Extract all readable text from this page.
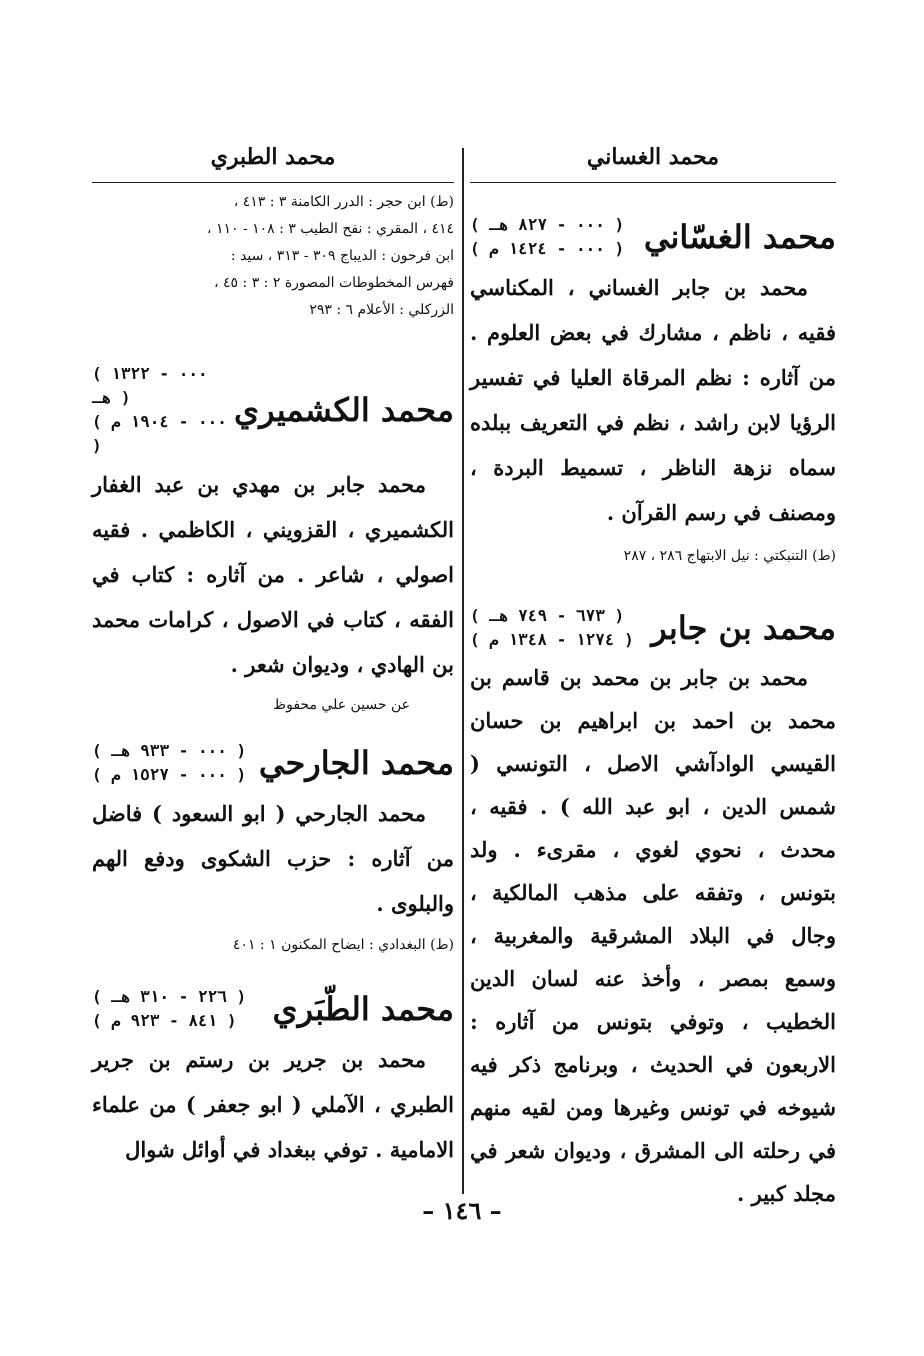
محمد الغساني
محمد الغسّاني
( ٠٠٠ - ٨٢٧ هـ )
( ٠٠٠ - ١٤٢٤ م )

محمد بن جابر الغساني ، المكناسي فقيه ، ناظم ، مشارك في بعض العلوم . من آثاره : نظم المرقاة العليا في تفسير الرؤيا لابن راشد ، نظم في التعريف ببلده سماه نزهة الناظر ، تسميط البردة ، ومصنف في رسم القرآن .

(ط) التنبكتي : نيل الابتهاج ٢٨٦ ، ٢٨٧

محمد بن جابر
( ٦٧٣ - ٧٤٩ هـ )
( ١٢٧٤ - ١٣٤٨ م )

محمد بن جابر بن محمد بن قاسم بن محمد بن احمد بن ابراهيم بن حسان القيسي الوادآشي الاصل ، التونسي ( شمس الدين ، ابو عبد الله ) . فقيه ، محدث ، نحوي لغوي ، مقرىء . ولد بتونس ، وتفقه على مذهب المالكية ، وجال في البلاد المشرقية والمغربية ، وسمع بمصر ، وأخذ عنه لسان الدين الخطيب ، وتوفي بتونس من آثاره : الاربعون في الحديث ، وبرنامج ذكر فيه شيوخه في تونس وغيرها ومن لقيه منهم في رحلته الى المشرق ، وديوان شعر في مجلد كبير .

محمد الطبري

(ط) ابن حجر : الدرر الكامنة ٣ : ٤١٣ ،

٤١٤ ، المقري : نفح الطيب ٣ : ١٠٨ - ١١٠ ،

ابن فرحون : الديباج ٣٠٩ - ٣١٣ ، سيد :

فهرس المخطوطات المصورة ٢ : ٣ : ٤٥ ،

الزركلي : الأعلام ٦ : ٢٩٣

محمد الكشميري
( ٠٠٠ - ١٣٢٢ هـ )
( ٠٠٠ - ١٩٠٤ م )

محمد جابر بن مهدي بن عبد الغفار الكشميري ، القزويني ، الكاظمي . فقيه اصولي ، شاعر . من آثاره : كتاب في الفقه ، كتاب في الاصول ، كرامات محمد بن الهادي ، وديوان شعر .

عن حسين علي محفوظ

محمد الجارحي
( ٠٠٠ - ٩٣٣ هـ )
( ٠٠٠ - ١٥٢٧ م )

محمد الجارحي ( ابو السعود ) فاضل من آثاره : حزب الشكوى ودفع الهم والبلوى .

(ط) البغدادي : ايضاح المكنون ١ : ٤٠١

محمد الطّبَري
( ٢٢٦ - ٣١٠ هـ )
( ٨٤١ - ٩٢٣ م )

محمد بن جرير بن رستم بن جرير الطبري ، الآملي ( ابو جعفر ) من علماء الامامية . توفي ببغداد في أوائل شوال

– ١٤٦ –
